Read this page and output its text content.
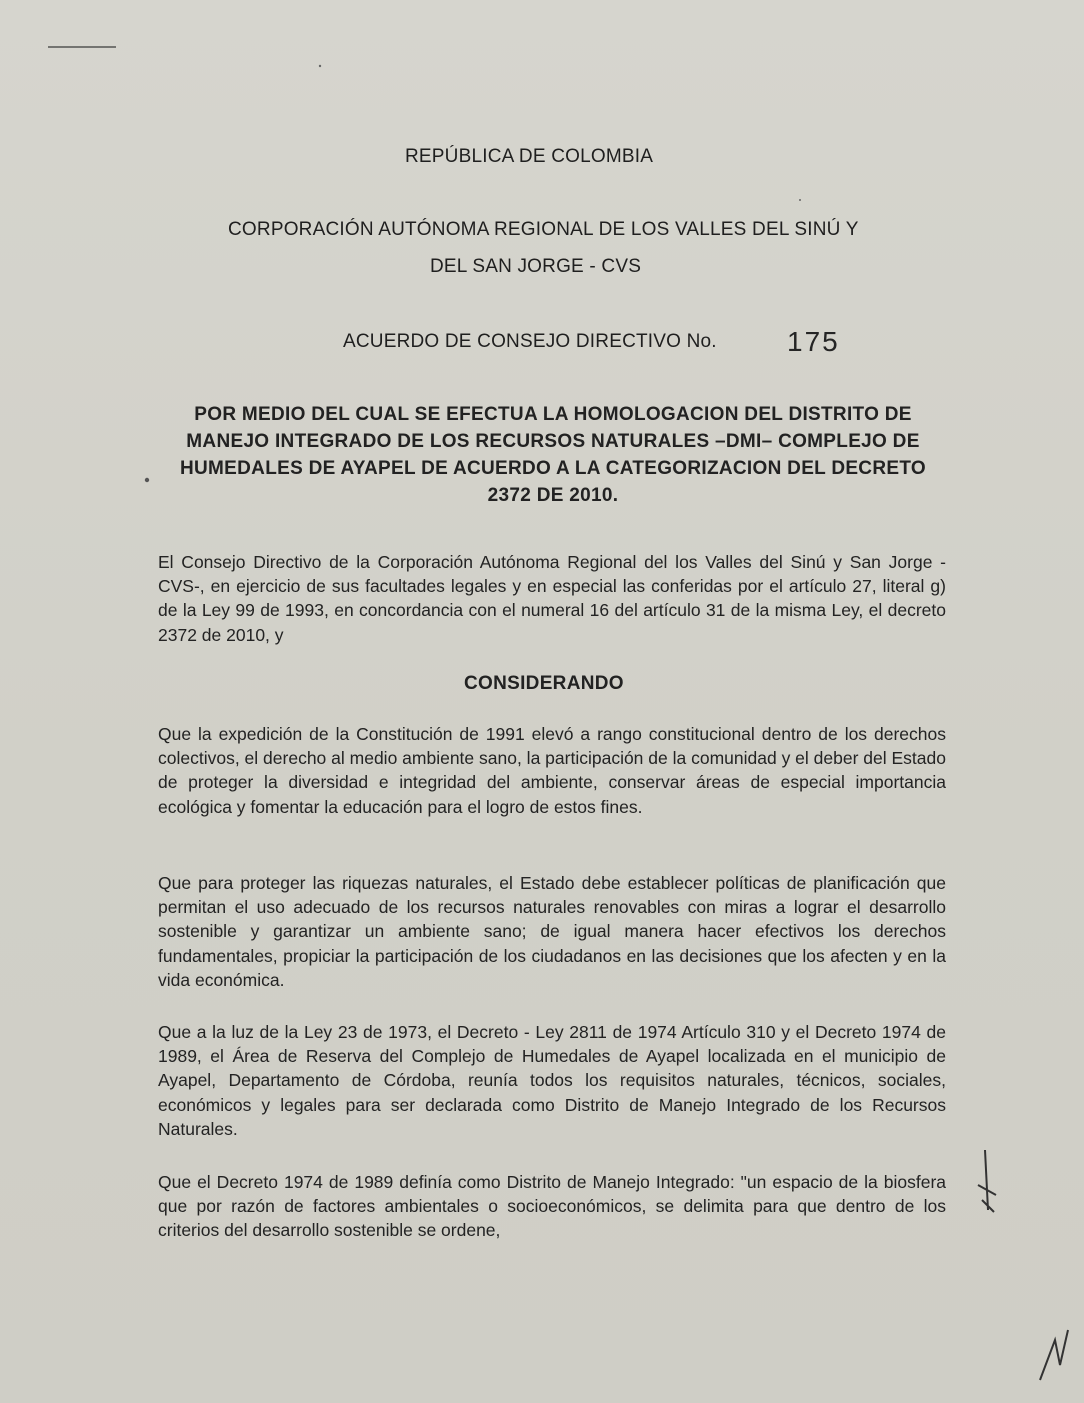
REPÚBLICA DE COLOMBIA
CORPORACIÓN AUTÓNOMA REGIONAL DE LOS VALLES DEL SINÚ Y
DEL SAN JORGE - CVS
ACUERDO DE CONSEJO DIRECTIVO No.	175
POR MEDIO DEL CUAL SE EFECTUA LA HOMOLOGACION DEL DISTRITO DE MANEJO INTEGRADO DE LOS RECURSOS NATURALES –DMI– COMPLEJO DE HUMEDALES DE AYAPEL DE ACUERDO A LA CATEGORIZACION DEL DECRETO 2372 DE 2010.
El Consejo Directivo de la Corporación Autónoma Regional del los Valles del Sinú y San Jorge -CVS-, en ejercicio de sus facultades legales y en especial las conferidas por el artículo 27, literal g) de la Ley 99 de 1993, en concordancia con el numeral 16 del artículo 31 de la misma Ley, el decreto 2372 de 2010, y
CONSIDERANDO
Que la expedición de la Constitución de 1991 elevó a rango constitucional dentro de los derechos colectivos, el derecho al medio ambiente sano, la participación de la comunidad y el deber del Estado de proteger la diversidad e integridad del ambiente, conservar áreas de especial importancia ecológica y fomentar la educación para el logro de estos fines.
Que para proteger las riquezas naturales, el Estado debe establecer políticas de planificación que permitan el uso adecuado de los recursos naturales renovables con miras a lograr el desarrollo sostenible y garantizar un ambiente sano; de igual manera hacer efectivos los derechos fundamentales, propiciar la participación de los ciudadanos en las decisiones que los afecten y en la vida económica.
Que a la luz de la Ley 23 de 1973, el Decreto - Ley 2811 de 1974 Artículo 310 y el Decreto 1974 de 1989, el Área de Reserva del Complejo de Humedales de Ayapel localizada en el municipio de Ayapel, Departamento de Córdoba, reunía todos los requisitos naturales, técnicos, sociales, económicos y legales para ser declarada como Distrito de Manejo Integrado de los Recursos Naturales.
Que el Decreto 1974 de 1989 definía como Distrito de Manejo Integrado: "un espacio de la biosfera que por razón de factores ambientales o socioeconómicos, se delimita para que dentro de los criterios del desarrollo sostenible se ordene,
